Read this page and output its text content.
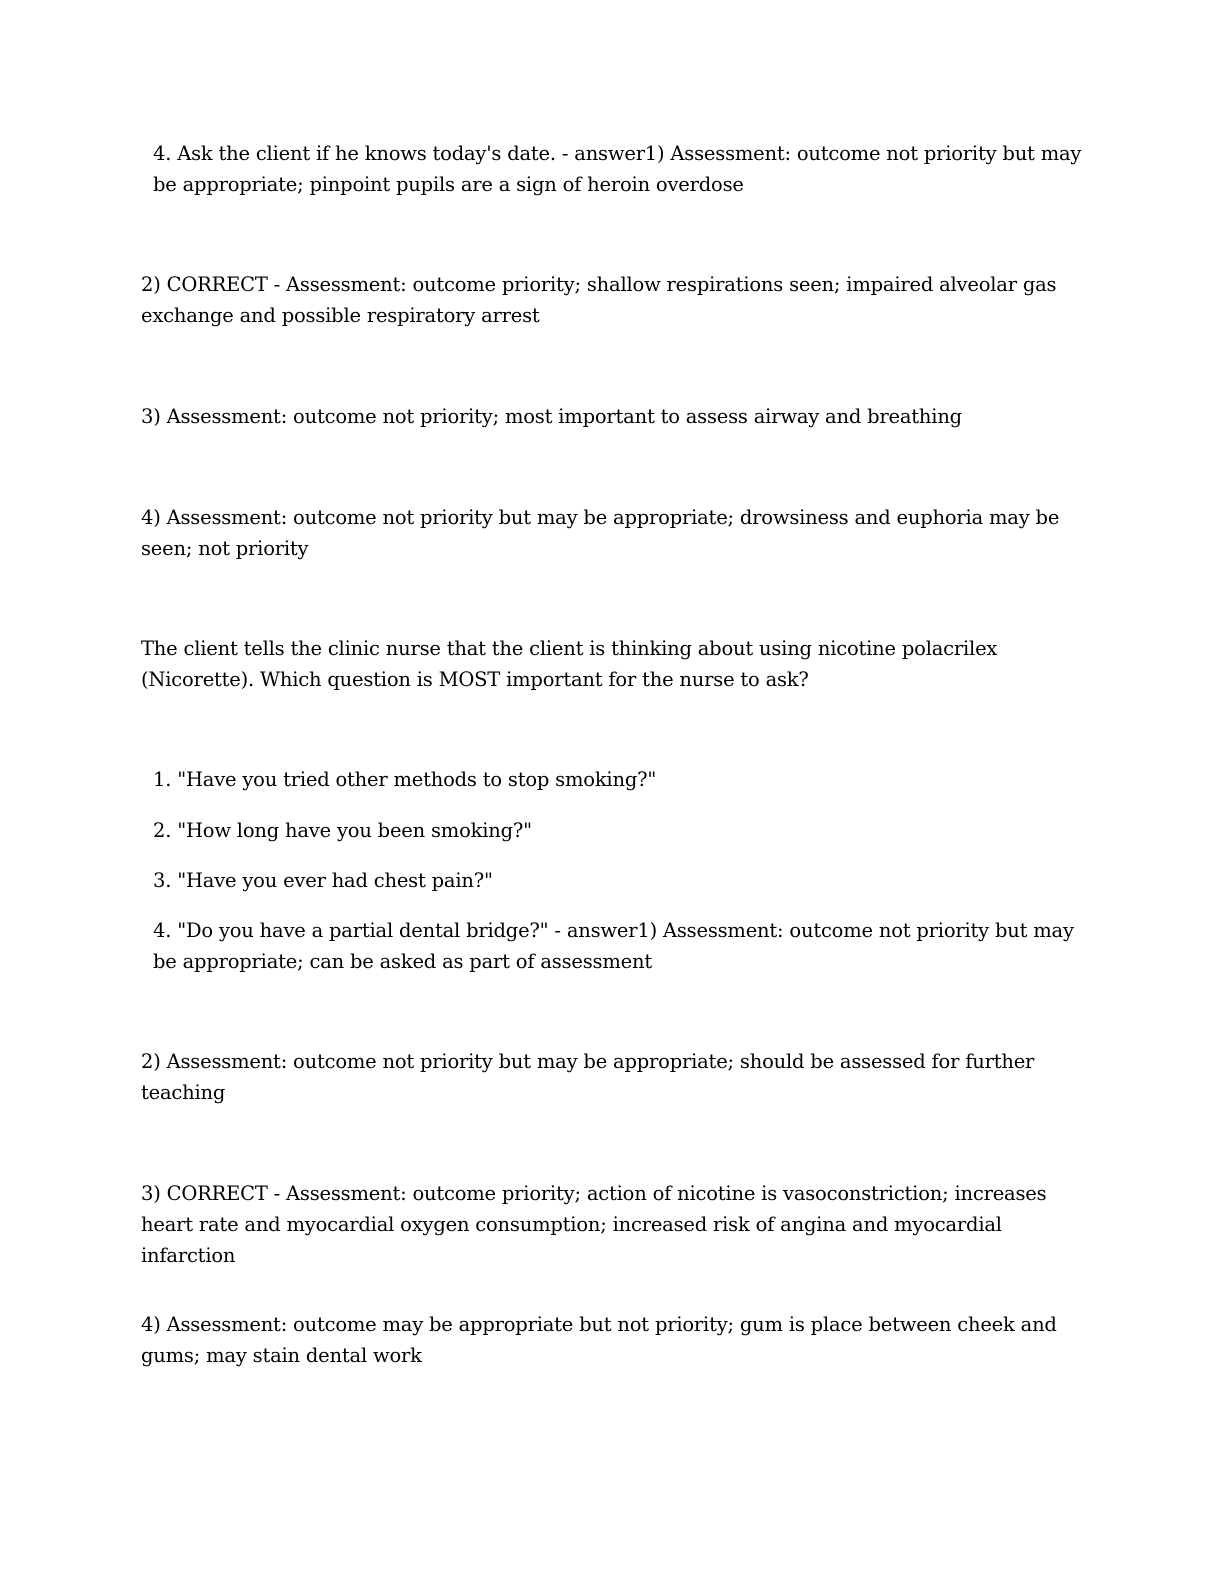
4. Ask the client if he knows today's date. - answer1) Assessment: outcome not priority but may be appropriate; pinpoint pupils are a sign of heroin overdose

2) CORRECT - Assessment: outcome priority; shallow respirations seen; impaired alveolar gas exchange and possible respiratory arrest

3) Assessment: outcome not priority; most important to assess airway and breathing

4) Assessment: outcome not priority but may be appropriate; drowsiness and euphoria may be seen; not priority

The client tells the clinic nurse that the client is thinking about using nicotine polacrilex (Nicorette). Which question is MOST important for the nurse to ask?

1. "Have you tried other methods to stop smoking?"

2. "How long have you been smoking?"

3. "Have you ever had chest pain?"

4. "Do you have a partial dental bridge?" - answer1) Assessment: outcome not priority but may be appropriate; can be asked as part of assessment

2) Assessment: outcome not priority but may be appropriate; should be assessed for further teaching

3) CORRECT - Assessment: outcome priority; action of nicotine is vasoconstriction; increases heart rate and myocardial oxygen consumption; increased risk of angina and myocardial infarction

4) Assessment: outcome may be appropriate but not priority; gum is place between cheek and gums; may stain dental work
